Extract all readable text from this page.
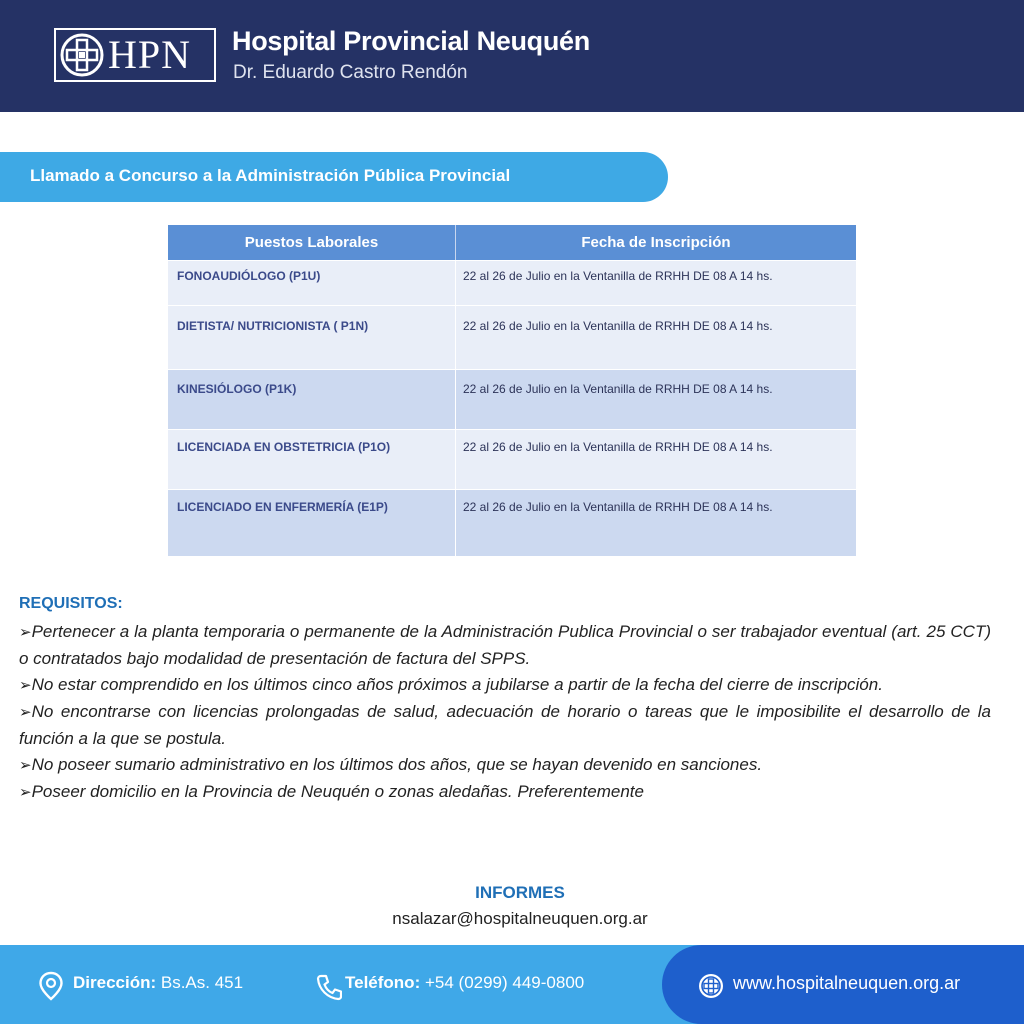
HPN Hospital Provincial Neuquén
Dr. Eduardo Castro Rendón
Llamado a Concurso a la Administración Pública Provincial
Puestos Laborales	Fecha de Inscripción
FONOAUDIÓLOGO (P1U)	22 al 26 de Julio en la Ventanilla de RRHH DE 08 A 14 hs.
DIETISTA/ NUTRICIONISTA ( P1N)	22 al 26 de Julio en la Ventanilla de RRHH DE 08 A 14 hs.
KINESIÓLOGO (P1K)	22 al 26 de Julio en la Ventanilla de RRHH DE 08 A 14 hs.
LICENCIADA EN OBSTETRICIA (P1O)	22 al 26 de Julio en la Ventanilla de RRHH DE 08 A 14 hs.
LICENCIADO EN ENFERMERÍA (E1P)	22 al 26 de Julio en la Ventanilla de RRHH DE 08 A 14 hs.
REQUISITOS:
➢Pertenecer a la planta temporaria o permanente de la Administración Publica Provincial o ser trabajador eventual (art. 25 CCT) o contratados bajo modalidad de presentación de factura del SPPS.
➢No estar comprendido en los últimos cinco años próximos a jubilarse a partir de la fecha del cierre de inscripción.
➢No encontrarse con licencias prolongadas de salud, adecuación de horario o tareas que le imposibilite el desarrollo de la función a la que se postula.
➢No poseer sumario administrativo en los últimos dos años, que se hayan devenido en sanciones.
➢Poseer domicilio en la Provincia de Neuquén o zonas aledañas. Preferentemente
INFORMES
nsalazar@hospitalneuquen.org.ar
Dirección: Bs.As. 451	Teléfono: +54 (0299) 449-0800	www.hospitalneuquen.org.ar
